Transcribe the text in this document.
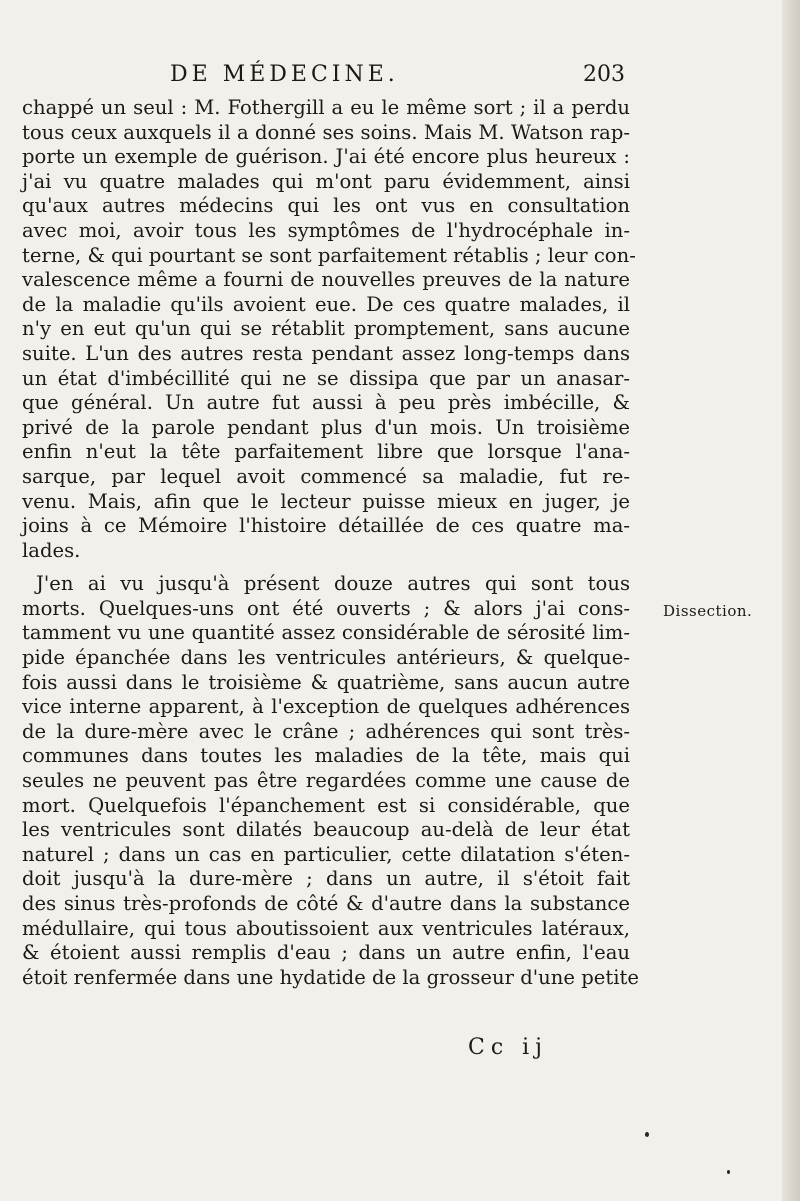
DE MÉDECINE.	203
chappé un seul : M. Fothergill a eu le même sort ; il a perdu
tous ceux auxquels il a donné ses soins. Mais M. Watson rap-
porte un exemple de guérison. J'ai été encore plus heureux :
j'ai vu quatre malades qui m'ont paru évidemment, ainsi
qu'aux autres médecins qui les ont vus en consultation
avec moi, avoir tous les symptômes de l'hydrocéphale in-
terne, & qui pourtant se sont parfaitement rétablis ; leur con-
valescence même a fourni de nouvelles preuves de la nature
de la maladie qu'ils avoient eue. De ces quatre malades, il
n'y en eut qu'un qui se rétablit promptement, sans aucune
suite. L'un des autres resta pendant assez long-temps dans
un état d'imbécillité qui ne se dissipa que par un anasar-
que général. Un autre fut aussi à peu près imbécille, &
privé de la parole pendant plus d'un mois. Un troisième
enfin n'eut la tête parfaitement libre que lorsque l'ana-
sarque, par lequel avoit commencé sa maladie, fut re-
venu. Mais, afin que le lecteur puisse mieux en juger, je
joins à ce Mémoire l'histoire détaillée de ces quatre ma-
lades.
J'en ai vu jusqu'à présent douze autres qui sont tous
morts. Quelques-uns ont été ouverts ; & alors j'ai cons-
tamment vu une quantité assez considérable de sérosité lim-
pide épanchée dans les ventricules antérieurs, & quelque-
fois aussi dans le troisième & quatrième, sans aucun autre
vice interne apparent, à l'exception de quelques adhérences
de la dure-mère avec le crâne ; adhérences qui sont très-
communes dans toutes les maladies de la tête, mais qui
seules ne peuvent pas être regardées comme une cause de
mort. Quelquefois l'épanchement est si considérable, que
les ventricules sont dilatés beaucoup au-delà de leur état
naturel ; dans un cas en particulier, cette dilatation s'éten-
doit jusqu'à la dure-mère ; dans un autre, il s'étoit fait
des sinus très-profonds de côté & d'autre dans la substance
médullaire, qui tous aboutissoient aux ventricules latéraux,
& étoient aussi remplis d'eau ; dans un autre enfin, l'eau
étoit renfermée dans une hydatide de la grosseur d'une petite
Dissection.
Cc ij
